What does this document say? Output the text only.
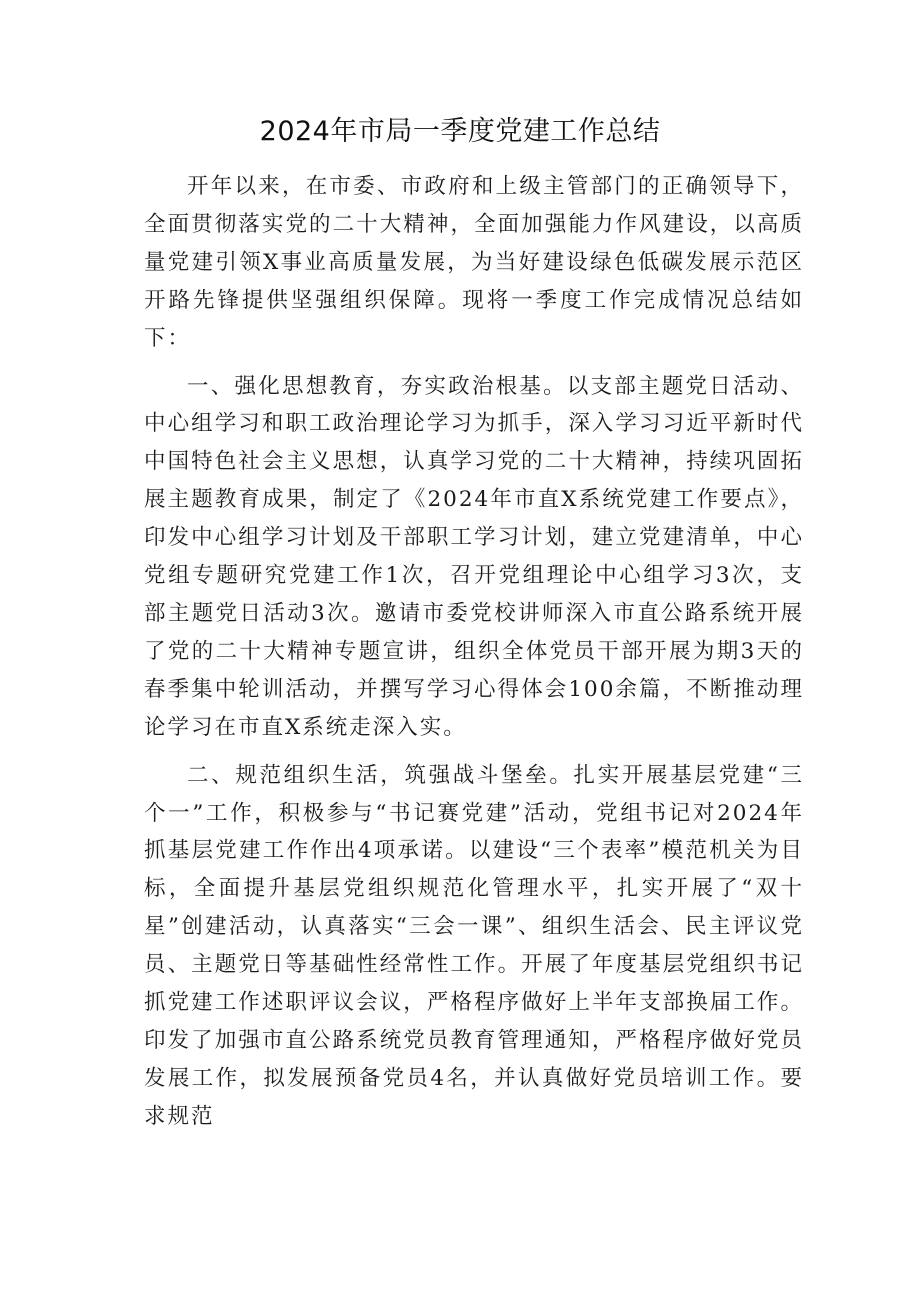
2024年市局一季度党建工作总结

开年以来，在市委、市政府和上级主管部门的正确领导下，全面贯彻落实党的二十大精神，全面加强能力作风建设，以高质量党建引领X事业高质量发展，为当好建设绿色低碳发展示范区开路先锋提供坚强组织保障。现将一季度工作完成情况总结如下：

一、强化思想教育，夯实政治根基。以支部主题党日活动、中心组学习和职工政治理论学习为抓手，深入学习习近平新时代中国特色社会主义思想，认真学习党的二十大精神，持续巩固拓展主题教育成果，制定了《2024年市直X系统党建工作要点》，印发中心组学习计划及干部职工学习计划，建立党建清单，中心党组专题研究党建工作1次，召开党组理论中心组学习3次，支部主题党日活动3次。邀请市委党校讲师深入市直公路系统开展了党的二十大精神专题宣讲，组织全体党员干部开展为期3天的春季集中轮训活动，并撰写学习心得体会100余篇，不断推动理论学习在市直X系统走深入实。

二、规范组织生活，筑强战斗堡垒。扎实开展基层党建“三个一”工作，积极参与“书记赛党建”活动，党组书记对2024年抓基层党建工作作出4项承诺。以建设“三个表率”模范机关为目标，全面提升基层党组织规范化管理水平，扎实开展了“双十星”创建活动，认真落实“三会一课”、组织生活会、民主评议党员、主题党日等基础性经常性工作。开展了年度基层党组织书记抓党建工作述职评议会议，严格程序做好上半年支部换届工作。印发了加强市直公路系统党员教育管理通知，严格程序做好党员发展工作，拟发展预备党员4名，并认真做好党员培训工作。要求规范
